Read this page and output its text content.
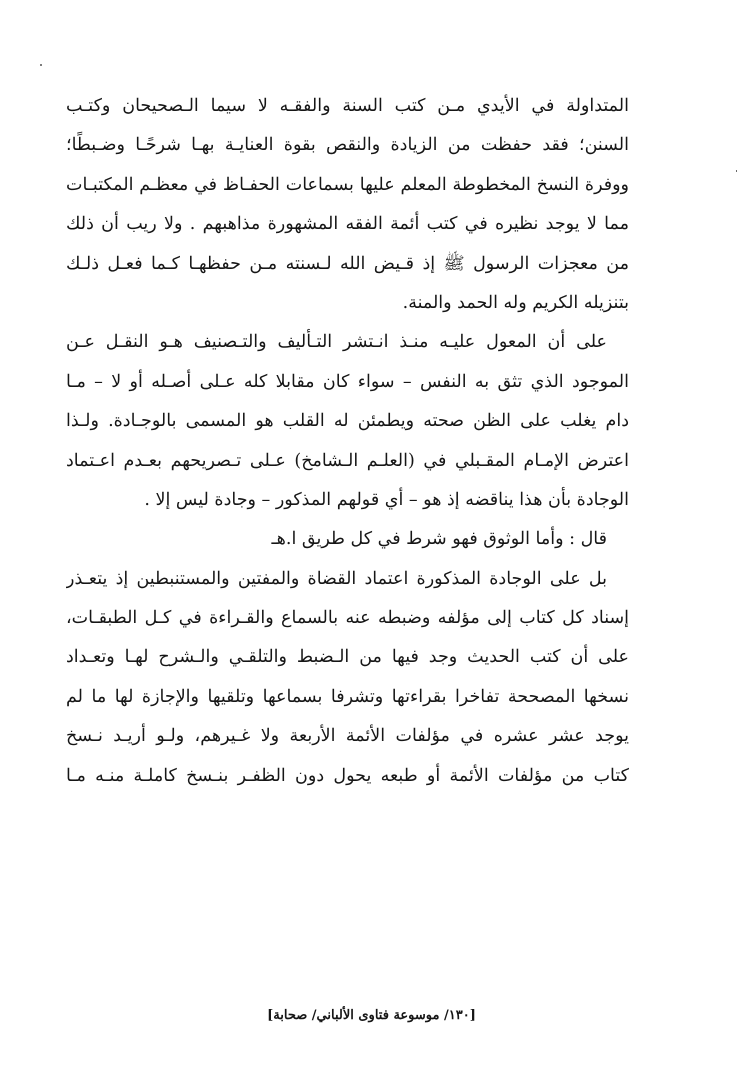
المتداولة في الأيدي مـن كتب السنة والفقـه لا سيما الـصحيحان وكتـب
السنن؛ فقد حفظت من الزيادة والنقص بقوة العنايـة بهـا شرحًـا وضـبطًا؛
ووفرة النسخ المخطوطة المعلم عليها بسماعات الحفـاظ في معظـم المكتبـات
مما لا يوجد نظيره في كتب أئمة الفقه المشهورة مذاهبهم . ولا ريب أن ذلك
من معجزات الرسول ﷺ إذ قـيض الله لـسنته مـن حفظهـا كـما فعـل ذلـك
بتنزيله الكريم وله الحمد والمنة.
على أن المعول عليـه منـذ انـتشر التـأليف والتـصنيف هـو النقـل عـن
الموجود الذي تثق به النفس – سواء كان مقابلا كله عـلى أصـله أو لا – مـا
دام يغلب على الظن صحته ويطمئن له القلب هو المسمى بالوجـادة. ولـذا
اعترض الإمـام المقـبلي في (العلـم الـشامخ) عـلى تـصريحهم بعـدم اعـتماد
الوجادة بأن هذا يناقضه إذ هو – أي قولهم المذكور – وجادة ليس إلا .
قال : وأما الوثوق فهو شرط في كل طريق ا.هـ
بل على الوجادة المذكورة اعتماد القضاة والمفتين والمستنبطين إذ يتعـذر
إسناد كل كتاب إلى مؤلفه وضبطه عنه بالسماع والقـراءة في كـل الطبقـات،
على أن كتب الحديث وجد فيها من الـضبط والتلقـي والـشرح لهـا وتعـداد
نسخها المصححة تفاخرا بقراءتها وتشرفا بسماعها وتلقيها والإجازة لها ما لم
يوجد عشر عشره في مؤلفات الأئمة الأربعة ولا غـيرهم، ولـو أريـد نـسخ
كتاب من مؤلفات الأئمة أو طبعه يحول دون الظفـر بنـسخ كاملـة منـه مـا
[١٣٠/ موسوعة فتاوى الألباني/ صحابة]
